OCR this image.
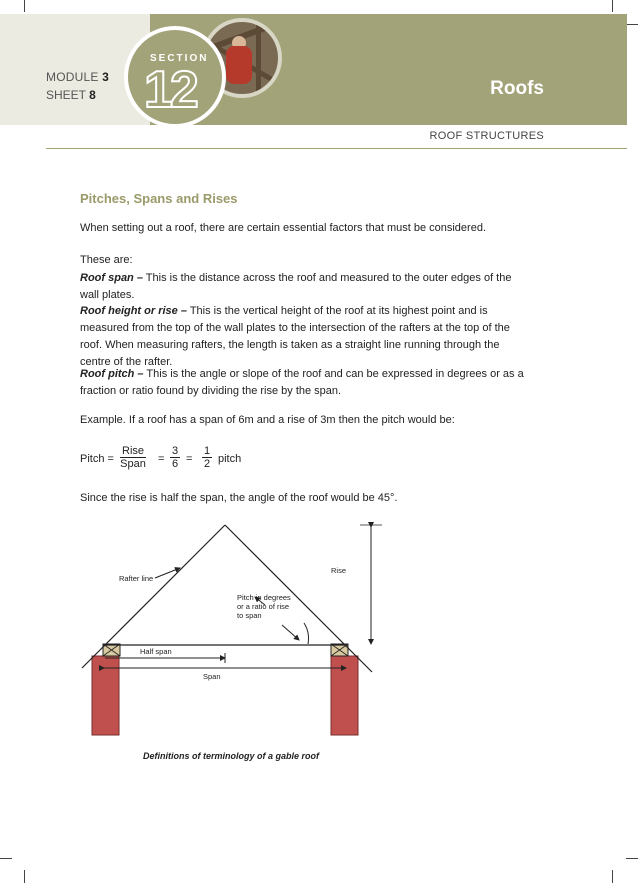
MODULE 3
SHEET 8
SECTION
12	Roofs
ROOF STRUCTURES
Pitches, Spans and Rises
When setting out a roof, there are certain essential factors that must be considered.
These are:
Roof span – This is the distance across the roof and measured to the outer edges of the
wall plates.
Roof height or rise – This is the vertical height of the roof at its highest point and is
measured from the top of the wall plates to the intersection of the rafters at the top of the
roof. When measuring rafters, the length is taken as a straight line running through the
centre of the rafter.
Roof pitch – This is the angle or slope of the roof and can be expressed in degrees or as a
fraction or ratio found by dividing the rise by the span.
Example. If a roof has a span of 6m and a rise of 3m then the pitch would be:
Pitch =
Rise
Span = $\frac{3}{6} = \frac{1}{2}$ pitch
Since the rise is half the span, the angle of the roof would be 45°.
Rafter line
Rise
Pitch in degrees
or a ratio of rise
to span
Half span
Span
Definitions of terminology of a gable roof
